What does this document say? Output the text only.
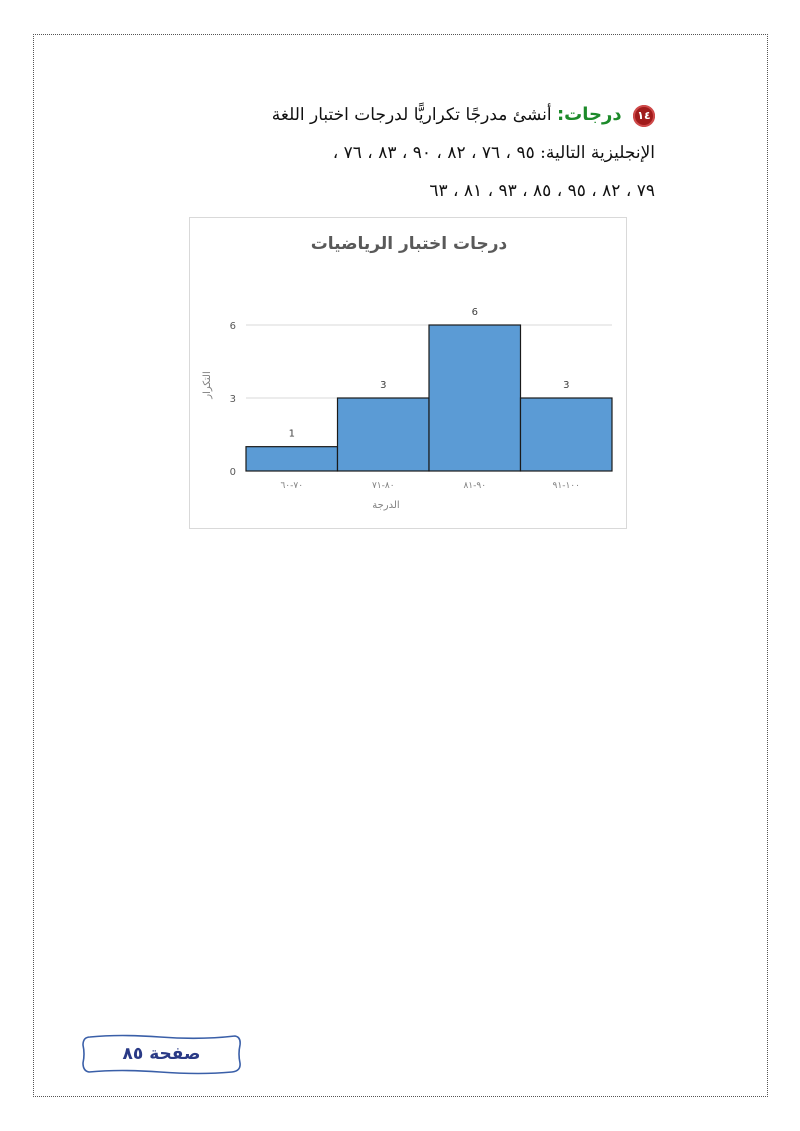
١٤ درجات: أنشئ مدرجًا تكراريًّا لدرجات اختبار اللغة
الإنجليزية التالية: ٩٥ ، ٧٦ ، ٨٢ ، ٩٠ ، ٨٣ ، ٧٦ ،
٧٩ ، ٨٢ ، ٩٥ ، ٨٥ ، ٩٣ ، ٨١ ، ٦٣
درجات اختبار الرياضيات
0
3
6
1
٧٠-٦٠
3
٨٠-٧١
6
٩٠-٨١
3
١٠٠-٩١
التكرار
الدرجة
صفحة ٨٥
